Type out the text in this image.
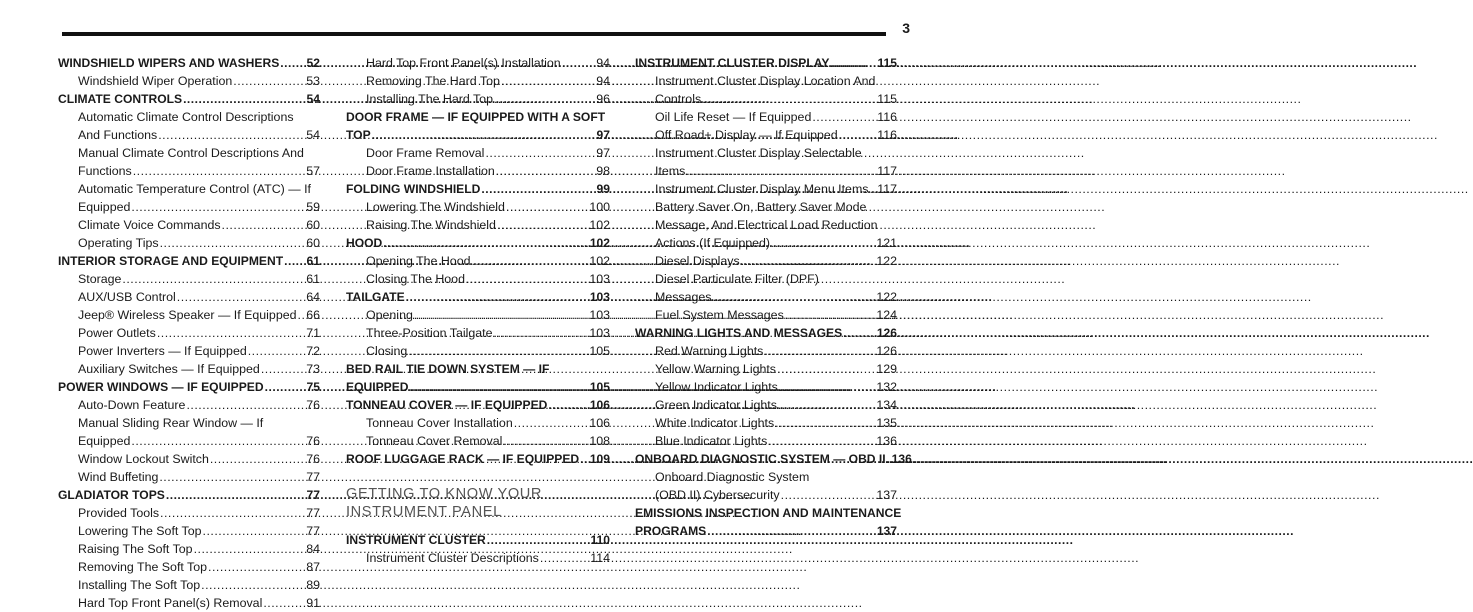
3
WINDSHIELD WIPERS AND WASHERS ..... 52
Windshield Wiper Operation .....	53
CLIMATE CONTROLS .....	54
Automatic Climate Control Descriptions
And Functions .....	54
Manual Climate Control Descriptions And
Functions .....	57
Automatic Temperature Control (ATC) — If
Equipped .....	59
Climate Voice Commands .....	60
Operating Tips .....	60
INTERIOR STORAGE AND EQUIPMENT ..... 61
Storage .....	61
AUX/USB Control .....	64
Jeep® Wireless Speaker — If Equipped ..... 66
Power Outlets .....	71
Power Inverters — If Equipped .....	72
Auxiliary Switches — If Equipped .....	73
POWER WINDOWS — IF EQUIPPED .....	75
Auto-Down Feature .....	76
Manual Sliding Rear Window — If
Equipped .....	76
Window Lockout Switch .....	76
Wind Buffeting .....	77
GLADIATOR TOPS .....	77
Provided Tools .....	77
Lowering The Soft Top .....	77
Raising The Soft Top .....	84
Removing The Soft Top .....	87
Installing The Soft Top .....	89
Hard Top Front Panel(s) Removal .....	91
Hard Top Front Panel(s) Installation .....	94
Removing The Hard Top .....	94
Installing The Hard Top .....	96
DOOR FRAME — IF EQUIPPED WITH A SOFT
TOP .....	97
Door Frame Removal .....	97
Door Frame Installation .....	98
FOLDING WINDSHIELD .....	99
Lowering The Windshield .....	100
Raising The Windshield .....	102
HOOD .....	102
Opening The Hood .....	102
Closing The Hood .....	103
TAILGATE .....	103
Opening .....	103
Three-Position Tailgate .....	103
Closing .....	105
BED RAIL TIE DOWN SYSTEM — IF
EQUIPPED .....	105
TONNEAU COVER — IF EQUIPPED .....	106
Tonneau Cover Installation .....	106
Tonneau Cover Removal .....	108
ROOF LUGGAGE RACK — IF EQUIPPED ..... 109
GETTING TO KNOW YOUR
INSTRUMENT PANEL
INSTRUMENT CLUSTER .....	110
Instrument Cluster Descriptions .....	114
INSTRUMENT CLUSTER DISPLAY .....	115
Instrument Cluster Display Location And
Controls .....	115
Oil Life Reset — If Equipped .....	116
Off Road+ Display — If Equipped .....	116
Instrument Cluster Display Selectable
Items .....	117
Instrument Cluster Display Menu Items ..... 117
Battery Saver On, Battery Saver Mode
Message, And Electrical Load Reduction
Actions (If Equipped) .....	121
Diesel Displays .....	122
Diesel Particulate Filter (DPF)
Messages .....	122
Fuel System Messages .....	124
WARNING LIGHTS AND MESSAGES .....	126
Red Warning Lights .....	126
Yellow Warning Lights .....	129
Yellow Indicator Lights .....	132
Green Indicator Lights .....	134
White Indicator Lights .....	135
Blue Indicator Lights .....	136
ONBOARD DIAGNOSTIC SYSTEM — OBD II ..... 136
Onboard Diagnostic System
(OBD II) Cybersecurity .....	137
EMISSIONS INSPECTION AND MAINTENANCE
PROGRAMS .....	137
